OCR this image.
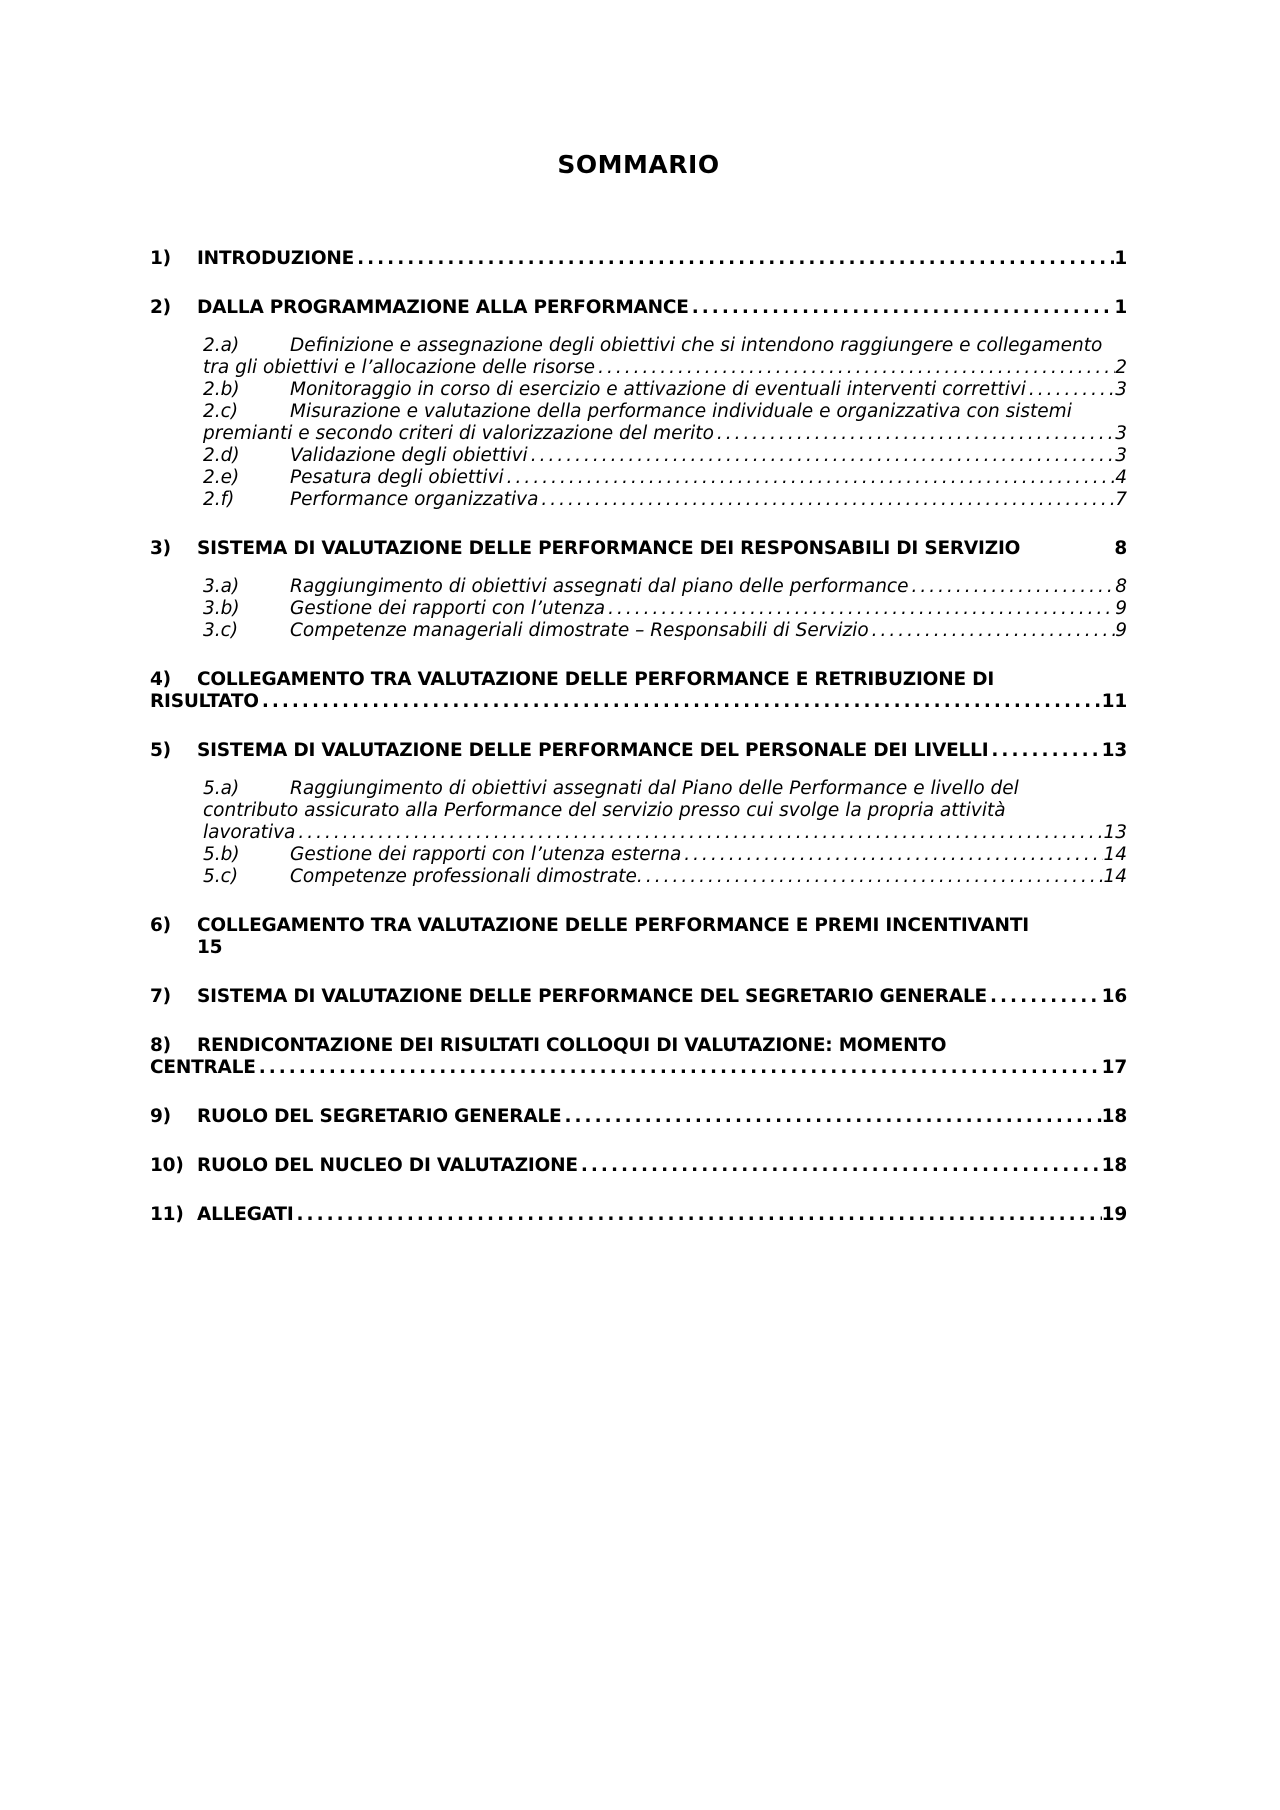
SOMMARIO
1)	INTRODUZIONE .....	1
2)	DALLA PROGRAMMAZIONE ALLA PERFORMANCE .....	1
2.a)	Definizione e assegnazione degli obiettivi che si intendono raggiungere e collegamento
tra gli obiettivi e l’allocazione delle risorse .....	2
2.b)	Monitoraggio in corso di esercizio e attivazione di eventuali interventi correttivi .....	3
2.c)	Misurazione e valutazione della performance individuale e organizzativa con sistemi
premianti e secondo criteri di valorizzazione del merito .....	3
2.d)	Validazione degli obiettivi .....	3
2.e)	Pesatura degli obiettivi .....	4
2.f)	Performance organizzativa .....	7
3)	SISTEMA DI VALUTAZIONE DELLE PERFORMANCE DEI RESPONSABILI DI SERVIZIO	8
3.a)	Raggiungimento di obiettivi assegnati dal piano delle performance .....	8
3.b)	Gestione dei rapporti con l’utenza .....	9
3.c)	Competenze manageriali dimostrate – Responsabili di Servizio .....	9
4)	COLLEGAMENTO TRA VALUTAZIONE DELLE PERFORMANCE E RETRIBUZIONE DI
RISULTATO .....	11
5)	SISTEMA DI VALUTAZIONE DELLE PERFORMANCE DEL PERSONALE DEI LIVELLI .....	13
5.a)	Raggiungimento di obiettivi assegnati dal Piano delle Performance e livello del
contributo assicurato alla Performance del servizio presso cui svolge la propria attività
lavorativa .....	13
5.b)	Gestione dei rapporti con l’utenza esterna .....	14
5.c)	Competenze professionali dimostrate. .....	14
6)	COLLEGAMENTO TRA VALUTAZIONE DELLE PERFORMANCE E PREMI INCENTIVANTI
15
7)	SISTEMA DI VALUTAZIONE DELLE PERFORMANCE DEL SEGRETARIO GENERALE .....	16
8)	RENDICONTAZIONE DEI RISULTATI COLLOQUI DI VALUTAZIONE: MOMENTO
CENTRALE .....	17
9)	RUOLO DEL SEGRETARIO GENERALE .....	18
10) RUOLO DEL NUCLEO DI VALUTAZIONE .....	18
11) ALLEGATI .....	19
